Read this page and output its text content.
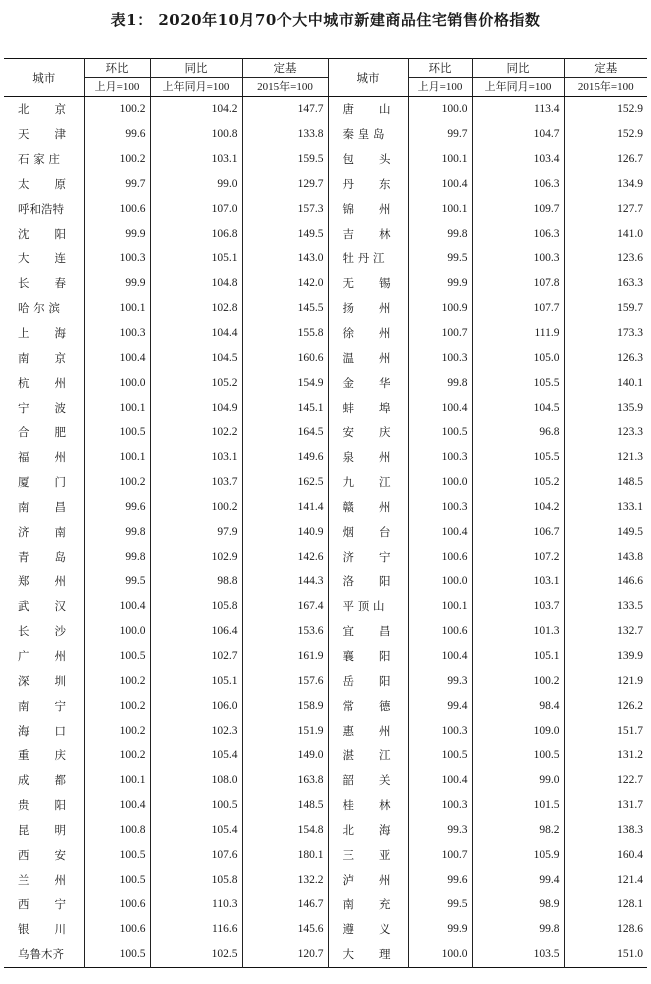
表1： 2020年10月70个大中城市新建商品住宅销售价格指数
城市	环比	同比	定基	城市	环比	同比	定基
	上月=100	上年同月=100	2015年=100		上月=100	上年同月=100	2015年=100
北京	100.2	104.2	147.7	唐山	100.0	113.4	152.9
天津	99.6	100.8	133.8	秦皇岛	99.7	104.7	152.9
石家庄	100.2	103.1	159.5	包头	100.1	103.4	126.7
太原	99.7	99.0	129.7	丹东	100.4	106.3	134.9
呼和浩特	100.6	107.0	157.3	锦州	100.1	109.7	127.7
沈阳	99.9	106.8	149.5	吉林	99.8	106.3	141.0
大连	100.3	105.1	143.0	牡丹江	99.5	100.3	123.6
长春	99.9	104.8	142.0	无锡	99.9	107.8	163.3
哈尔滨	100.1	102.8	145.5	扬州	100.9	107.7	159.7
上海	100.3	104.4	155.8	徐州	100.7	111.9	173.3
南京	100.4	104.5	160.6	温州	100.3	105.0	126.3
杭州	100.0	105.2	154.9	金华	99.8	105.5	140.1
宁波	100.1	104.9	145.1	蚌埠	100.4	104.5	135.9
合肥	100.5	102.2	164.5	安庆	100.5	96.8	123.3
福州	100.1	103.1	149.6	泉州	100.3	105.5	121.3
厦门	100.2	103.7	162.5	九江	100.0	105.2	148.5
南昌	99.6	100.2	141.4	赣州	100.3	104.2	133.1
济南	99.8	97.9	140.9	烟台	100.4	106.7	149.5
青岛	99.8	102.9	142.6	济宁	100.6	107.2	143.8
郑州	99.5	98.8	144.3	洛阳	100.0	103.1	146.6
武汉	100.4	105.8	167.4	平顶山	100.1	103.7	133.5
长沙	100.0	106.4	153.6	宜昌	100.6	101.3	132.7
广州	100.5	102.7	161.9	襄阳	100.4	105.1	139.9
深圳	100.2	105.1	157.6	岳阳	99.3	100.2	121.9
南宁	100.2	106.0	158.9	常德	99.4	98.4	126.2
海口	100.2	102.3	151.9	惠州	100.3	109.0	151.7
重庆	100.2	105.4	149.0	湛江	100.5	100.5	131.2
成都	100.1	108.0	163.8	韶关	100.4	99.0	122.7
贵阳	100.4	100.5	148.5	桂林	100.3	101.5	131.7
昆明	100.8	105.4	154.8	北海	99.3	98.2	138.3
西安	100.5	107.6	180.1	三亚	100.7	105.9	160.4
兰州	100.5	105.8	132.2	泸州	99.6	99.4	121.4
西宁	100.6	110.3	146.7	南充	99.5	98.9	128.1
银川	100.6	116.6	145.6	遵义	99.9	99.8	128.6
乌鲁木齐	100.5	102.5	120.7	大理	100.0	103.5	151.0
